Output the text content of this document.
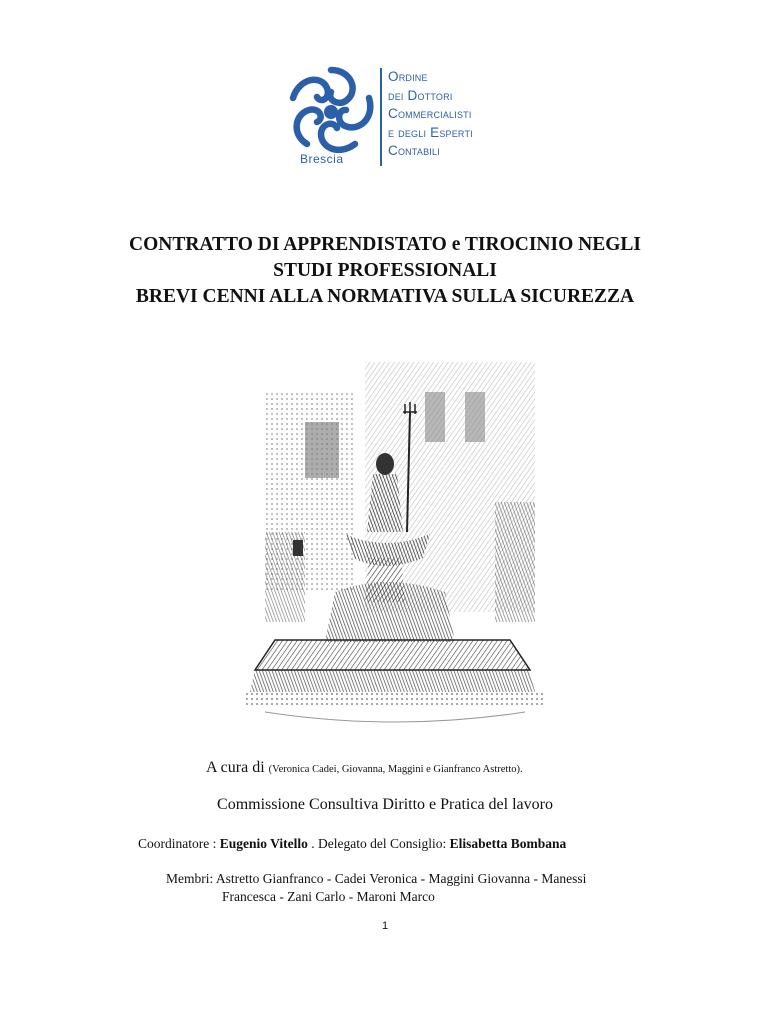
Brescia
Ordine
dei Dottori
Commercialisti
e degli Esperti
Contabili
CONTRATTO DI APPRENDISTATO e TIROCINIO NEGLI
STUDI PROFESSIONALI
BREVI CENNI ALLA NORMATIVA SULLA SICUREZZA
A cura di (Veronica Cadei, Giovanna, Maggini e Gianfranco Astretto).
Commissione Consultiva Diritto e Pratica del lavoro
Coordinatore : Eugenio Vitello . Delegato del Consiglio: Elisabetta Bombana
Membri: Astretto Gianfranco - Cadei Veronica - Maggini Giovanna - Manessi
Francesca - Zani Carlo - Maroni Marco
1
